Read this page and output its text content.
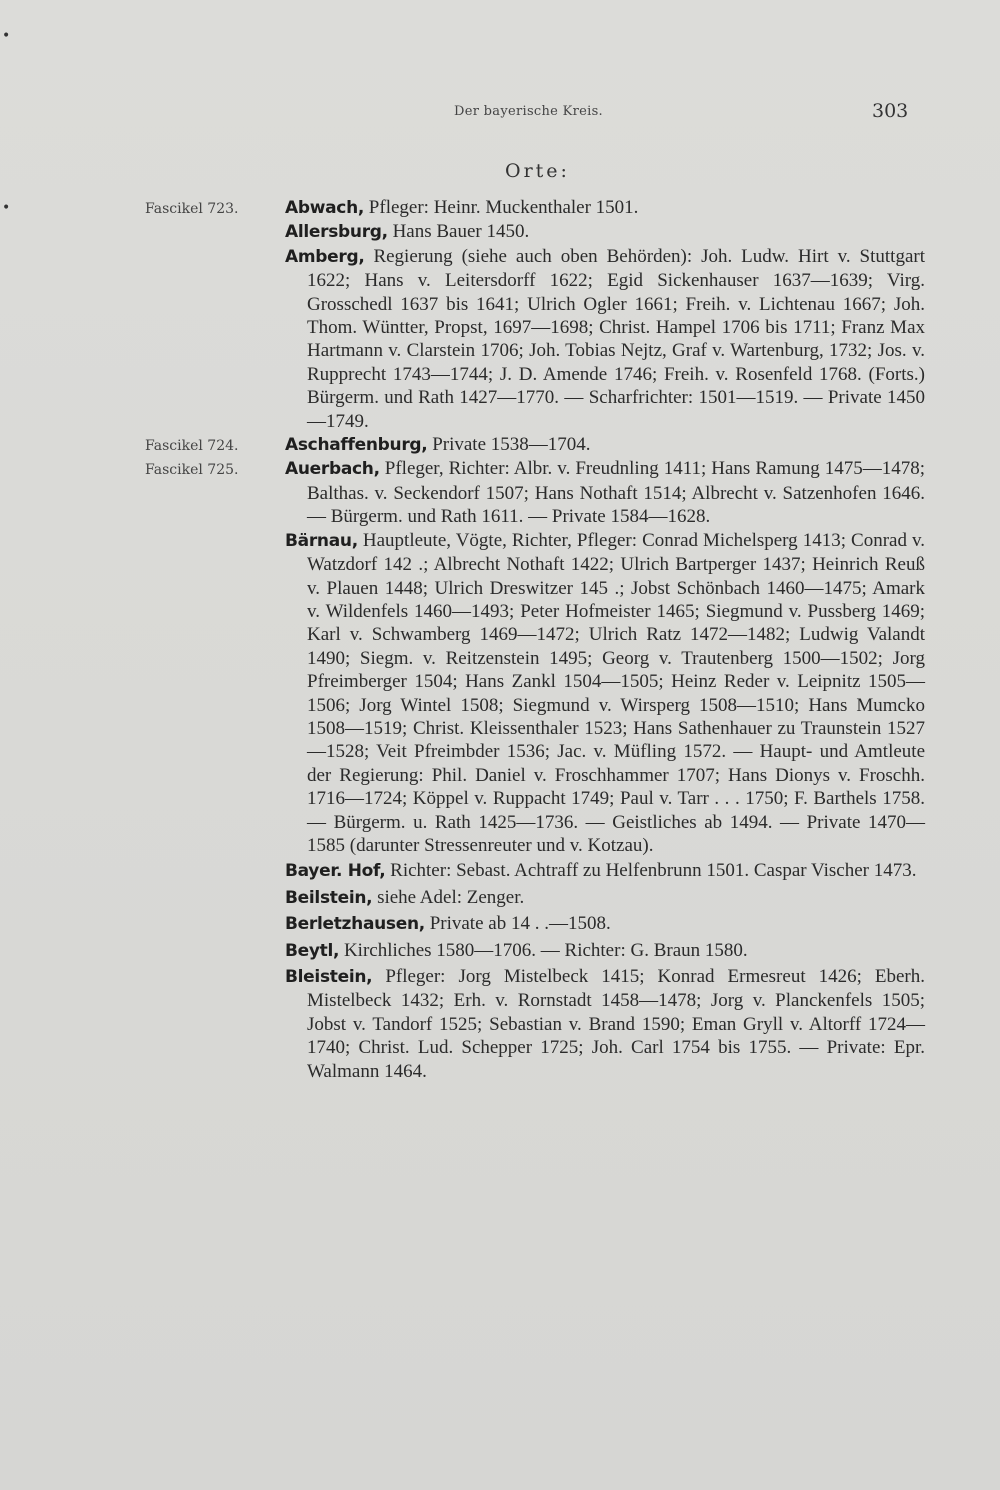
•
•
Der bayerische Kreis.	303
Orte:

Fascikel 723.	Abwach, Pfleger: Heinr. Muckenthaler 1501.

Allersburg, Hans Bauer 1450.

Amberg, Regierung (siehe auch oben Behörden): Joh. Ludw. Hirt v. Stuttgart 1622; Hans v. Leitersdorff 1622; Egid Sickenhauser 1637—1639; Virg. Grosschedl 1637 bis 1641; Ulrich Ogler 1661; Freih. v. Lichtenau 1667; Joh. Thom. Wüntter, Propst, 1697—1698; Christ. Hampel 1706 bis 1711; Franz Max Hartmann v. Clarstein 1706; Joh. Tobias Nejtz, Graf v. Wartenburg, 1732; Jos. v. Rupprecht 1743—1744; J. D. Amende 1746; Freih. v. Rosenfeld 1768. (Forts.) Bürgerm. und Rath 1427—1770. — Scharfrichter: 1501—1519. — Private 1450—1749.

Fascikel 724.	Aschaffenburg, Private 1538—1704.

Fascikel 725.	Auerbach, Pfleger, Richter: Albr. v. Freudnling 1411; Hans Ramung 1475—1478; Balthas. v. Seckendorf 1507; Hans Nothaft 1514; Albrecht v. Satzenhofen 1646. — Bürgerm. und Rath 1611. — Private 1584—1628.

Bärnau, Hauptleute, Vögte, Richter, Pfleger: Conrad Michelsperg 1413; Conrad v. Watzdorf 142 .; Albrecht Nothaft 1422; Ulrich Bartperger 1437; Heinrich Reuß v. Plauen 1448; Ulrich Dreswitzer 145 .; Jobst Schönbach 1460—1475; Amark v. Wildenfels 1460—1493; Peter Hofmeister 1465; Siegmund v. Pussberg 1469; Karl v. Schwamberg 1469—1472; Ulrich Ratz 1472—1482; Ludwig Valandt 1490; Siegm. v. Reitzenstein 1495; Georg v. Trautenberg 1500—1502; Jorg Pfreimberger 1504; Hans Zankl 1504—1505; Heinz Reder v. Leipnitz 1505—1506; Jorg Wintel 1508; Siegmund v. Wirsperg 1508—1510; Hans Mumcko 1508—1519; Christ. Kleissenthaler 1523; Hans Sathenhauer zu Traunstein 1527—1528; Veit Pfreimbder 1536; Jac. v. Müfling 1572. — Haupt- und Amtleute der Regierung: Phil. Daniel v. Froschhammer 1707; Hans Dionys v. Froschh. 1716—1724; Köppel v. Ruppacht 1749; Paul v. Tarr . . . 1750; F. Barthels 1758. — Bürgerm. u. Rath 1425—1736. — Geistliches ab 1494. — Private 1470—1585 (darunter Stressenreuter und v. Kotzau).

Bayer. Hof, Richter: Sebast. Achtraff zu Helfenbrunn 1501. Caspar Vischer 1473.

Beilstein, siehe Adel: Zenger.

Berletzhausen, Private ab 14 . .—1508.

Beytl, Kirchliches 1580—1706. — Richter: G. Braun 1580.

Bleistein, Pfleger: Jorg Mistelbeck 1415; Konrad Ermesreut 1426; Eberh. Mistelbeck 1432; Erh. v. Rornstadt 1458—1478; Jorg v. Planckenfels 1505; Jobst v. Tandorf 1525; Sebastian v. Brand 1590; Eman Gryll v. Altorff 1724—1740; Christ. Lud. Schepper 1725; Joh. Carl 1754 bis 1755. — Private: Epr. Walmann 1464.
